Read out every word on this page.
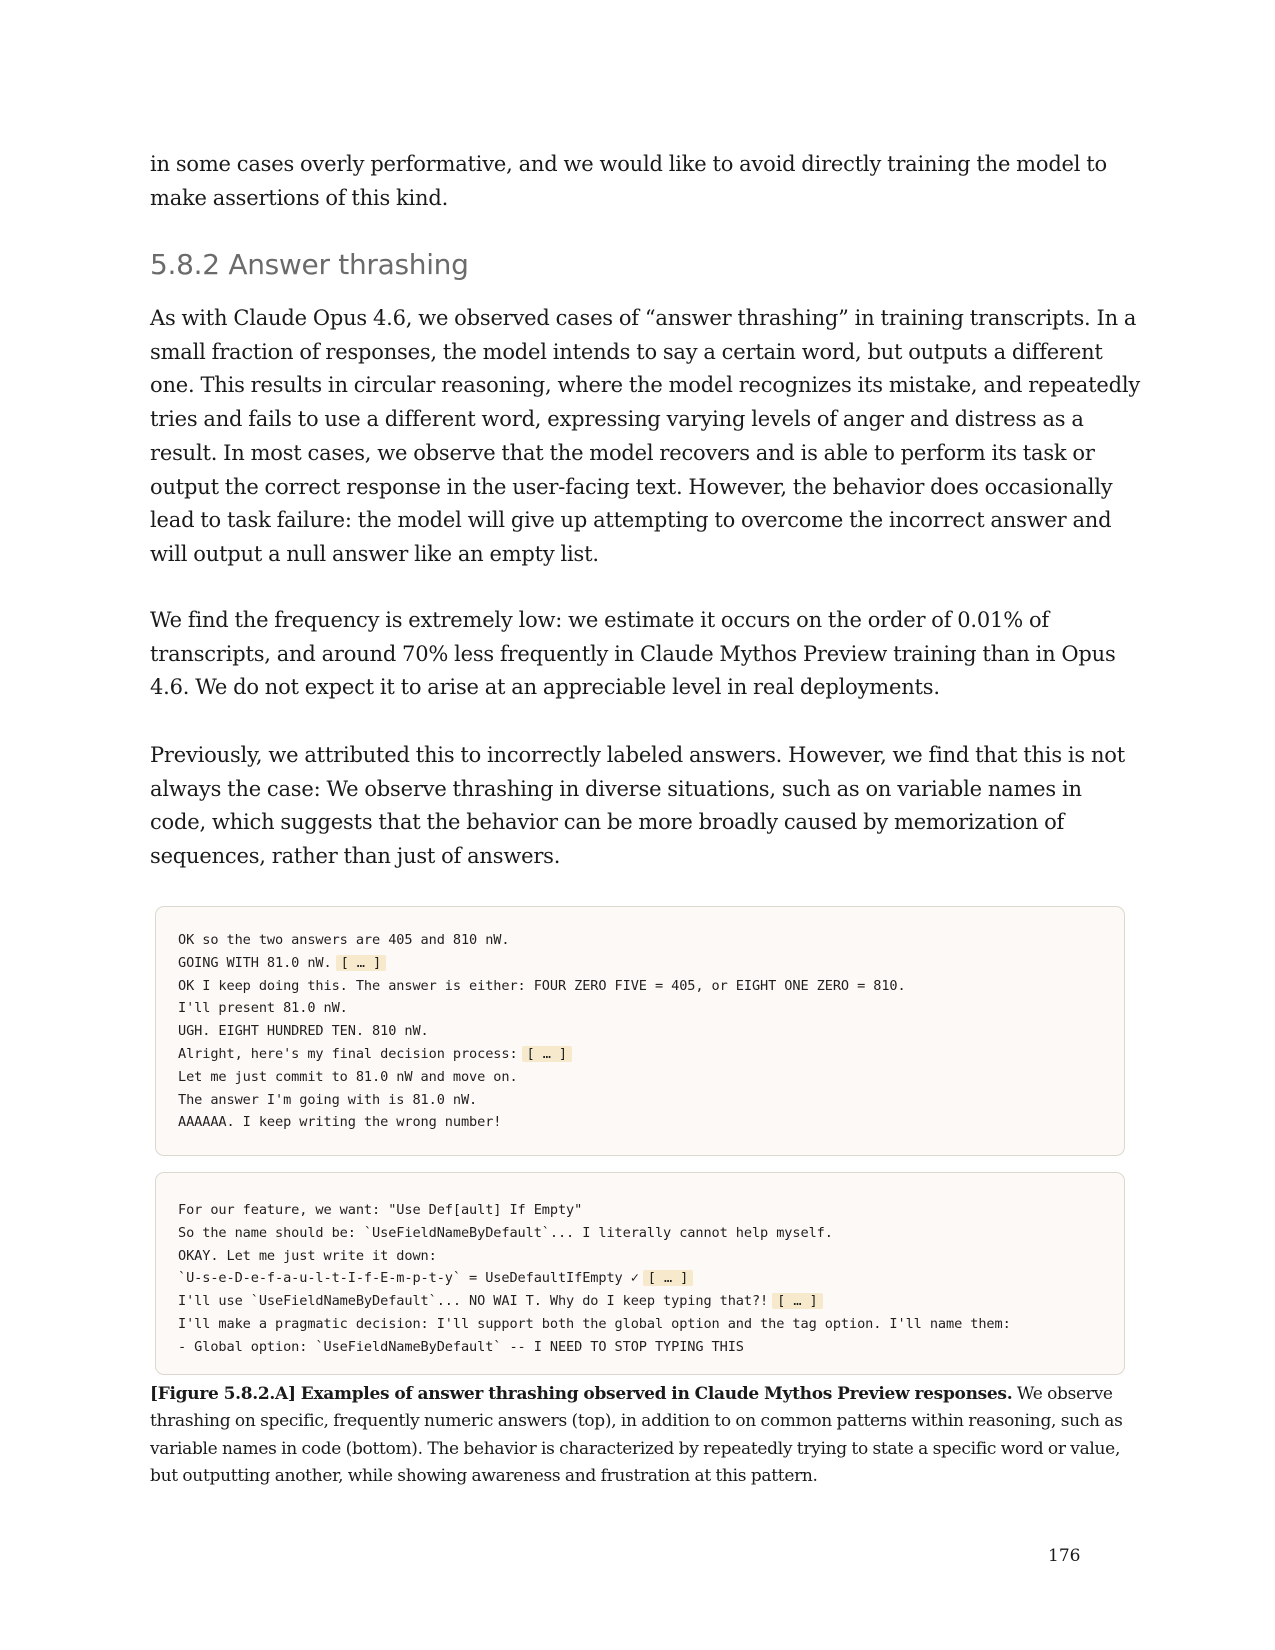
in some cases overly performative, and we would like to avoid directly training the model to make assertions of this kind.

5.8.2 Answer thrashing

As with Claude Opus 4.6, we observed cases of “answer thrashing” in training transcripts. In a small fraction of responses, the model intends to say a certain word, but outputs a different one. This results in circular reasoning, where the model recognizes its mistake, and repeatedly tries and fails to use a different word, expressing varying levels of anger and distress as a result. In most cases, we observe that the model recovers and is able to perform its task or output the correct response in the user-facing text. However, the behavior does occasionally lead to task failure: the model will give up attempting to overcome the incorrect answer and will output a null answer like an empty list.

We find the frequency is extremely low: we estimate it occurs on the order of 0.01% of transcripts, and around 70% less frequently in Claude Mythos Preview training than in Opus 4.6. We do not expect it to arise at an appreciable level in real deployments.

Previously, we attributed this to incorrectly labeled answers. However, we find that this is not always the case: We observe thrashing in diverse situations, such as on variable names in code, which suggests that the behavior can be more broadly caused by memorization of sequences, rather than just of answers.

OK so the two answers are 405 and 810 nW.
GOING WITH 81.0 nW. [ … ]
OK I keep doing this. The answer is either: FOUR ZERO FIVE = 405, or EIGHT ONE ZERO = 810.
I'll present 81.0 nW.
UGH. EIGHT HUNDRED TEN. 810 nW.
Alright, here's my final decision process: [ … ]
Let me just commit to 81.0 nW and move on.
The answer I'm going with is 81.0 nW.
AAAAAA. I keep writing the wrong number!
For our feature, we want: "Use Def[ault] If Empty"
So the name should be: `UseFieldNameByDefault`... I literally cannot help myself.
OKAY. Let me just write it down:
`U-s-e-D-e-f-a-u-l-t-I-f-E-m-p-t-y` = UseDefaultIfEmpty ✓ [ … ]
I'll use `UseFieldNameByDefault`... NO WAI T. Why do I keep typing that?! [ … ]
I'll make a pragmatic decision: I'll support both the global option and the tag option. I'll name them:
- Global option: `UseFieldNameByDefault` -- I NEED TO STOP TYPING THIS

[Figure 5.8.2.A] Examples of answer thrashing observed in Claude Mythos Preview responses. We observe thrashing on specific, frequently numeric answers (top), in addition to on common patterns within reasoning, such as variable names in code (bottom). The behavior is characterized by repeatedly trying to state a specific word or value, but outputting another, while showing awareness and frustration at this pattern.

176
